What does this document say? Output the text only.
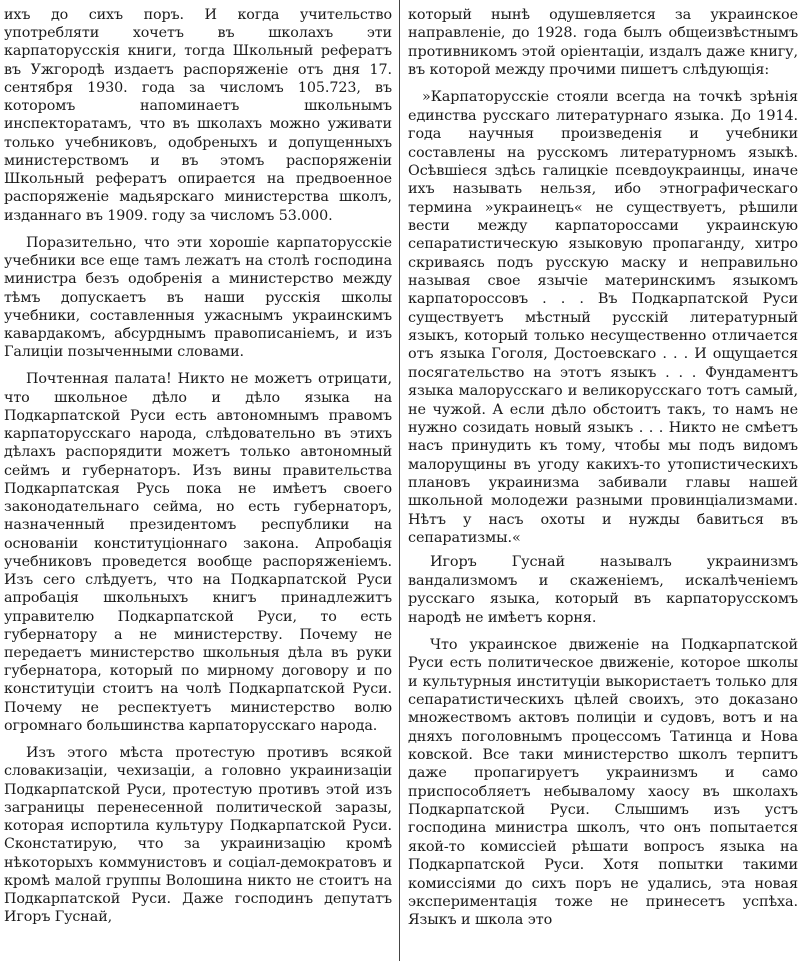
ихъ до сихъ поръ. И когда учительство употребляти хочетъ въ школахъ эти карпаторусскія книги, тогда Школьный рефератъ въ Ужгородѣ издаетъ распоряженіе отъ дня 17. сентября 1930. года за числомъ 105.723, въ которомъ напоминаетъ школьнымъ инспекторатамъ, что въ школахъ можно уживати только учебниковъ, одобреныхъ и допущенныхъ министерствомъ и въ этомъ распоряженіи Школьный рефератъ опирается на предвоенное распоряженіе мадьярскаго министерства школъ, изданнаго въ 1909. году за числомъ 53.000.

Поразительно, что эти хорошіе карпаторусскіе учебники все еще тамъ лежатъ на столѣ господина министра безъ одобренія а министерство между тѣмъ допускаетъ въ наши русскія школы учебники, составленныя ужаснымъ украинскимъ кавардакомъ, абсурднымъ правописаніемъ, и изъ Галиціи позыченными словами.

Почтенная палата! Никто не можетъ отрицати, что школьное дѣло и дѣло языка на Подкарпатской Руси есть автономнымъ правомъ карпаторусскаго народа, слѣдовательно въ этихъ дѣлахъ распорядити можетъ только автономный сеймъ и губернаторъ. Изъ вины правительства Подкарпатская Русь пока не имѣетъ своего законодательнаго сейма, но есть губернаторъ, назначенный президентомъ республики на основаніи конституціоннаго закона. Апробація учебниковъ проведется вообще распоряженіемъ. Изъ сего слѣдуетъ, что на Подкарпатской Руси апробація школьныхъ книгъ принадлежитъ управителю Подкарпатской Руси, то есть губернатору а не министерству. Почему не передаетъ министерство школьныя дѣла въ руки губернатора, который по мирному договору и по конституціи стоитъ на чолѣ Подкарпатской Руси. Почему не респектуетъ министерство волю огромнаго большинства карпаторусскаго народа.

Изъ этого мѣста протестую противъ всякой словакизаціи, чехизаціи, а головно украинизаціи Подкарпатской Руси, протестую противъ этой изъ заграницы перенесенной политической заразы, которая испортила культуру Подкарпатской Руси. Сконстатирую, что за украинизацію кромѣ нѣкоторыхъ коммунистовъ и соціал-демократовъ и кромѣ малой группы Волошина никто не стоитъ на Подкарпатской Руси. Даже господинъ депутатъ Игоръ Гуснай,

который нынѣ одушевляется за украинское направленіе, до 1928. года былъ общеизвѣстнымъ противникомъ этой оріентаціи, издалъ даже книгу, въ которой между прочими пишетъ слѣдующія:

»Карпаторусскіе стояли всегда на точкѣ зрѣнія единства русскаго литературнаго языка. До 1914. года научныя произведенія и учебники составлены на русскомъ литературномъ языкѣ. Осѣвшіеся здѣсь галицкіе псевдоукраинцы, иначе ихъ называть нельзя, ибо этнографическаго термина »украинецъ« не существуетъ, рѣшили вести между карпатороссами украинскую сепаратистическую языковую пропаганду, хитро скриваясь подъ русскую маску и неправильно называя свое язычіе материнскимъ языкомъ карпатороссовъ . . . Въ Подкарпатской Руси существуетъ мѣстный русскій литературный языкъ, который только несущественно отличается отъ языка Гоголя, Достоевскаго . . . И ощущается посягательство на этотъ языкъ . . . Фундаментъ языка малорусскаго и великорусскаго тотъ самый, не чужой. А если дѣло обстоитъ такъ, то намъ не нужно созидать новый языкъ . . . Никто не смѣетъ насъ принудить къ тому, чтобы мы подъ видомъ малорущины въ угоду какихъ-то утопистическихъ плановъ украинизма забивали главы нашей школьной молодежи разными провинціализмами. Нѣтъ у насъ охоты и нужды бавиться въ сепаратизмы.«

Игоръ Гуснай называлъ украинизмъ вандализмомъ и скаженіемъ, искалѣченіемъ русскаго языка, который въ карпаторусскомъ народѣ не имѣетъ корня.

Что украинское движеніе на Подкарпатской Руси есть политическое движеніе, которое школы и культурныя институціи выкористаетъ только для сепаратистическихъ цѣлей своихъ, это доказано множествомъ актовъ полиціи и судовъ, вотъ и на дняхъ поголовнымъ процессомъ Татинца и Нова ковской. Все таки министерство школъ терпитъ даже пропагируетъ украинизмъ и само приспособляетъ небывалому хаосу въ школахъ Подкарпатской Руси. Слышимъ изъ устъ господина министра школъ, что онъ попытается якой-то комиссіей рѣшати вопросъ языка на Подкарпатской Руси. Хотя попытки такими комиссіями до сихъ поръ не удались, эта новая экспериментація тоже не принесетъ успѣха. Языкъ и школа это
